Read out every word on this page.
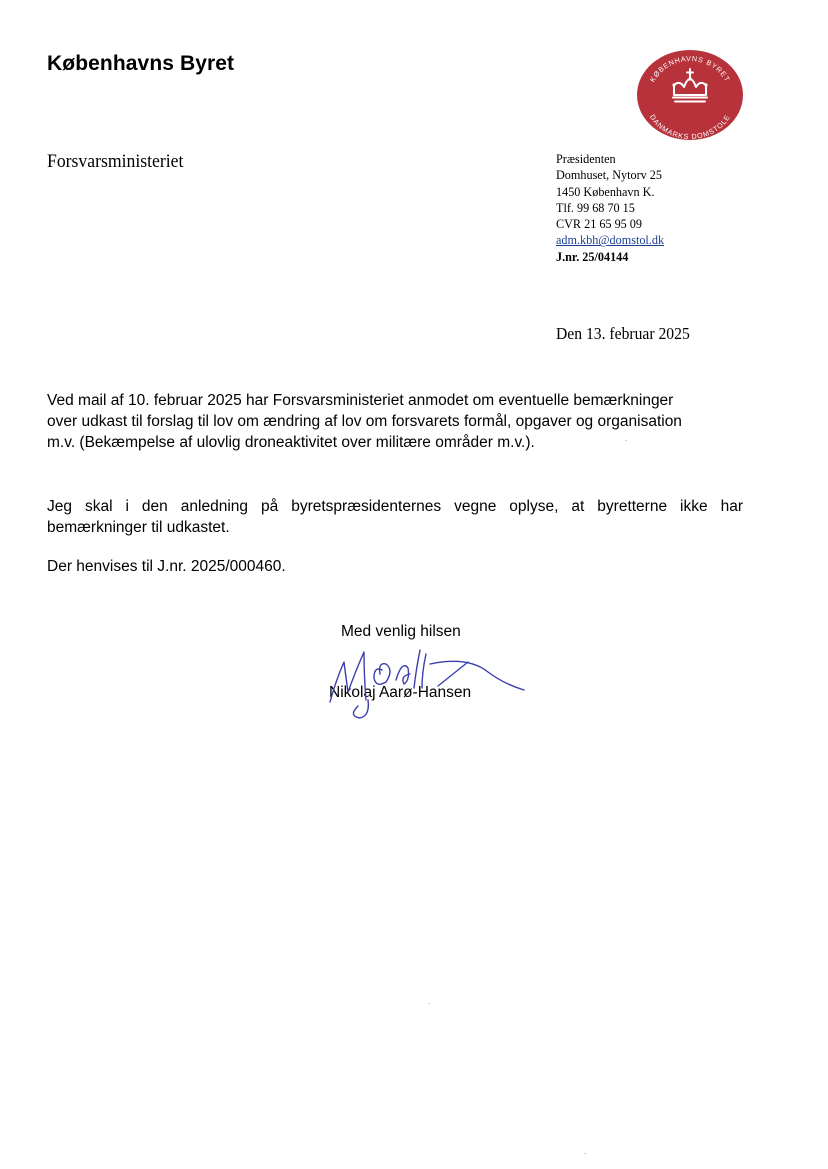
Københavns Byret
KØBENHAVNS BYRET
DANMARKS DOMSTOLE
Forsvarsministeriet	Præsidenten
Domhuset, Nytorv 25
1450 København K.
Tlf. 99 68 70 15
CVR 21 65 95 09
adm.kbh@domstol.dk
J.nr. 25/04144
Den 13. februar 2025
Ved mail af 10. februar 2025 har Forsvarsministeriet anmodet om eventuelle bemærkninger
over udkast til forslag til lov om ændring af lov om forsvarets formål, opgaver og organisation
m.v. (Bekæmpelse af ulovlig droneaktivitet over militære områder m.v.).
Jeg skal i den anledning på byretspræsidenternes vegne oplyse, at byretterne ikke har bemærkninger til udkastet.
Der henvises til J.nr. 2025/000460.
Med venlig hilsen
Nikolaj Aarø-Hansen
